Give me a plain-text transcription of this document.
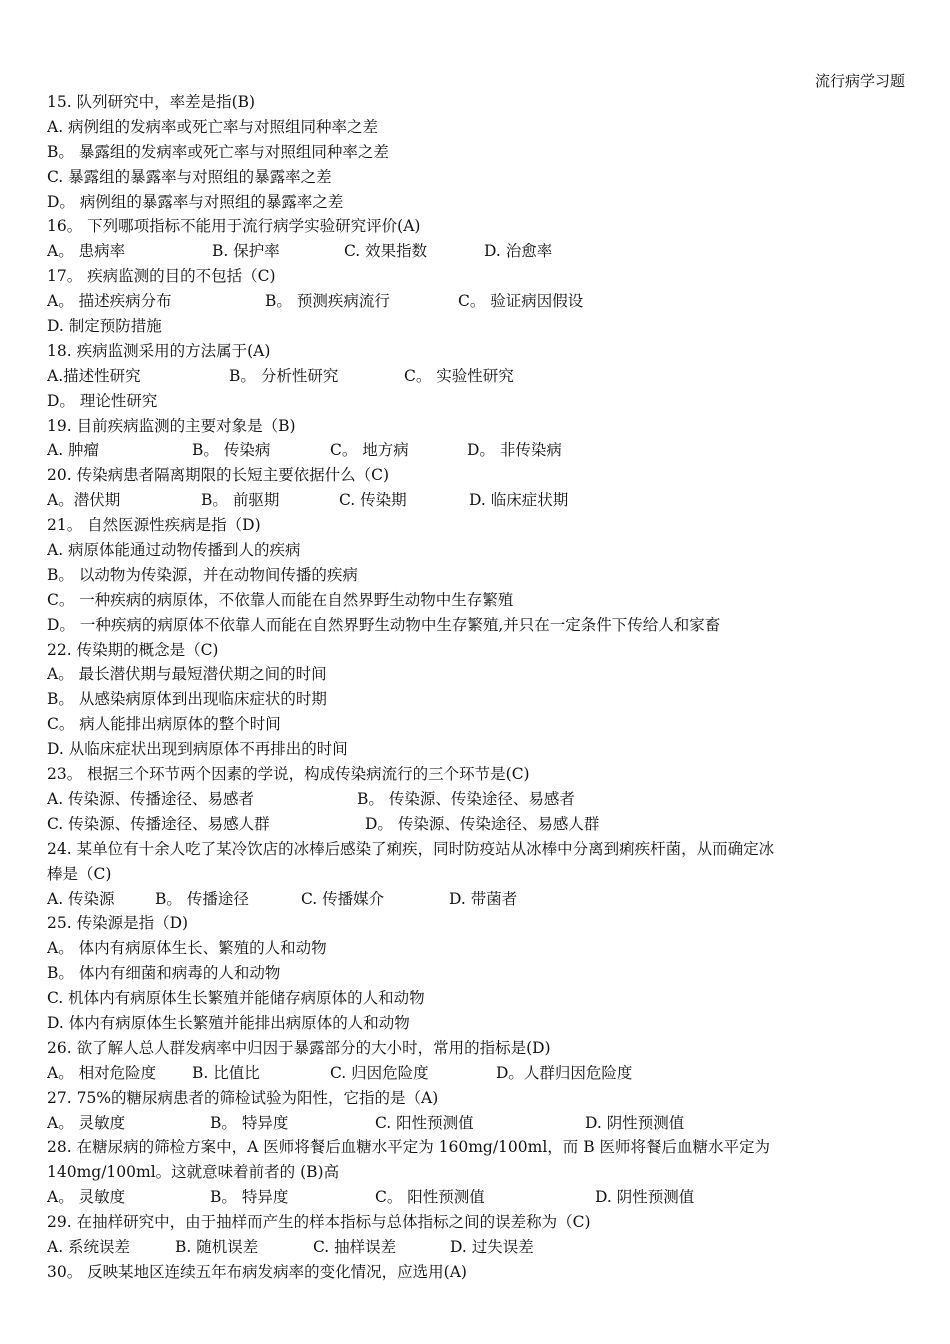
流行病学习题
15. 队列研究中，率差是指(B)
A. 病例组的发病率或死亡率与对照组同种率之差
B。 暴露组的发病率或死亡率与对照组同种率之差
C. 暴露组的暴露率与对照组的暴露率之差
D。 病例组的暴露率与对照组的暴露率之差
16。 下列哪项指标不能用于流行病学实验研究评价(A)
A。 患病率	B. 保护率	C. 效果指数	D. 治愈率
17。 疾病监测的目的不包括（C)
A。 描述疾病分布	B。 预测疾病流行	C。 验证病因假设
D. 制定预防措施
18. 疾病监测采用的方法属于(A)
A.描述性研究	B。 分析性研究	C。 实验性研究
D。 理论性研究
19. 目前疾病监测的主要对象是（B)
A. 肿瘤	B。 传染病	C。 地方病	D。 非传染病
20. 传染病患者隔离期限的长短主要依据什么（C)
A。潜伏期	B。 前驱期	C. 传染期	D. 临床症状期
21。 自然医源性疾病是指（D)
A. 病原体能通过动物传播到人的疾病
B。 以动物为传染源，并在动物间传播的疾病
C。 一种疾病的病原体，不依靠人而能在自然界野生动物中生存繁殖
D。 一种疾病的病原体不依靠人而能在自然界野生动物中生存繁殖,并只在一定条件下传给人和家畜
22. 传染期的概念是（C)
A。 最长潜伏期与最短潜伏期之间的时间
B。 从感染病原体到出现临床症状的时期
C。 病人能排出病原体的整个时间
D. 从临床症状出现到病原体不再排出的时间
23。 根据三个环节两个因素的学说，构成传染病流行的三个环节是(C)
A. 传染源、传播途径、易感者	B。 传染源、传染途径、易感者
C. 传染源、传播途径、易感人群	D。 传染源、传染途径、易感人群
24. 某单位有十余人吃了某冷饮店的冰棒后感染了痢疾，同时防疫站从冰棒中分离到痢疾杆菌，从而确定冰
棒是（C)
A. 传染源	B。 传播途径	C. 传播媒介	D. 带菌者
25. 传染源是指（D)
A。 体内有病原体生长、繁殖的人和动物
B。 体内有细菌和病毒的人和动物
C. 机体内有病原体生长繁殖并能储存病原体的人和动物
D. 体内有病原体生长繁殖并能排出病原体的人和动物
26. 欲了解人总人群发病率中归因于暴露部分的大小时，常用的指标是(D)
A。 相对危险度	B. 比值比	C. 归因危险度	D。人群归因危险度
27. 75%的糖尿病患者的筛检试验为阳性，它指的是（A)
A。 灵敏度	B。 特异度	C. 阳性预测值	D. 阴性预测值
28. 在糖尿病的筛检方案中，A 医师将餐后血糖水平定为 160mg/100ml，而 B 医师将餐后血糖水平定为
140mg/100ml。这就意味着前者的 (B)高
A。 灵敏度	B。 特异度	C。 阳性预测值	D. 阴性预测值
29. 在抽样研究中，由于抽样而产生的样本指标与总体指标之间的误差称为（C)
A. 系统误差	B. 随机误差	C. 抽样误差	D. 过失误差
30。 反映某地区连续五年布病发病率的变化情况，应选用(A)
